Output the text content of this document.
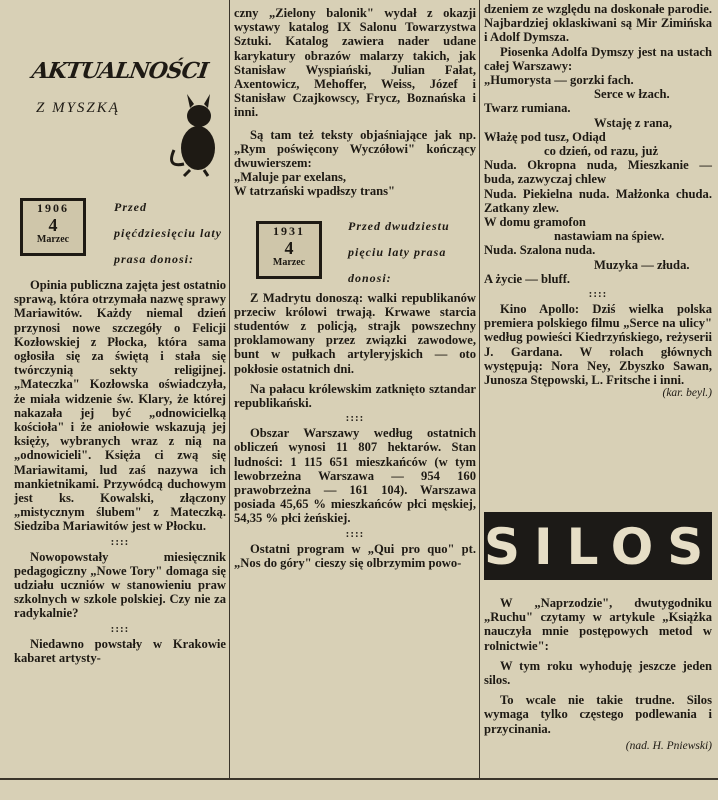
AKTUALNOŚCI
Z MYSZKĄ
1906
4
Marzec
Przed pięćdziesięciu laty prasa donosi:

Opinia publiczna zajęta jest ostatnio sprawą, która otrzymała nazwę sprawy Mariawitów. Każdy niemal dzień przynosi nowe szczegóły o Felicji Kozłowskiej z Płocka, która sama ogłosiła się za świętą i stała się twórczynią sekty religijnej. „Mateczka" Kozłowska oświadczyła, że miała widzenie św. Klary, że której nakazała jej być „odnowicielką kościoła" i że aniołowie wskazują jej księży, wybranych wraz z nią na „odnowicieli". Księża ci zwą się Mariawitami, lud zaś nazywa ich mankietnikami. Przywódcą duchowym jest ks. Kowalski, złączony „mistycznym ślubem" z Mateczką. Siedziba Mariawitów jest w Płocku.

::::

Nowopowstały miesięcznik pedagogiczny „Nowe Tory" domaga się udziału uczniów w stanowieniu praw szkolnych w szkole polskiej. Czy nie za radykalnie?

::::

Niedawno powstały w Krakowie kabaret artysty-

czny „Zielony balonik" wydał z okazji wystawy katalog IX Salonu Towarzystwa Sztuki. Katalog zawiera nader udane karykatury obrazów malarzy takich, jak Stanisław Wyspiański, Julian Fałat, Axentowicz, Mehoffer, Weiss, Józef i Stanisław Czajkowscy, Frycz, Boznańska i inni.

Są tam też teksty objaśniające jak np. „Rym poświęcony Wyczółowi" kończący dwuwierszem:

„Maluje par exelans,
W tatrzański wpadłszy trans"
1931
4
Marzec
Przed dwudziestu pięciu laty prasa donosi:

Z Madrytu donoszą: walki republikanów przeciw królowi trwają. Krwawe starcia studentów z policją, strajk powszechny proklamowany przez związki zawodowe, bunt w pułkach artyleryjskich — oto pokłosie ostatnich dni.

Na pałacu królewskim zatknięto sztandar republikański.

::::

Obszar Warszawy według ostatnich obliczeń wynosi 11 807 hektarów. Stan ludności: 1 115 651 mieszkańców (w tym lewobrzeżna Warszawa — 954 160 prawobrzeżna — 161 104). Warszawa posiada 45,65 % mieszkańców płci męskiej, 54,35 % płci żeńskiej.

::::

Ostatni program w „Qui pro quo" pt. „Nos do góry" cieszy się olbrzymim powo-

dzeniem ze względu na doskonałe parodie. Najbardziej oklaskiwani są Mir Zimińska i Adolf Dymsza.

Piosenka Adolfa Dymszy jest na ustach całej Warszawy:

„Humorysta — gorzki fach.
Serce w łzach.
Twarz rumiana.
Wstaję z rana,
Włażę pod tusz, Odiąd
co dzień, od razu, już
Nuda. Okropna nuda, Mieszkanie — buda, zazwyczaj chlew
Nuda. Piekielna nuda. Małżonka chuda. Zatkany zlew.
W domu gramofon
nastawiam na śpiew.
Nuda. Szalona nuda.
Muzyka — złuda.
A życie — bluff.
::::

Kino Apollo: Dziś wielka polska premiera polskiego filmu „Serce na ulicy" według powieści Kiedrzyńskiego, reżyserii J. Gardana. W rolach głównych występują: Nora Ney, Zbyszko Sawan, Junosza Stępowski, L. Fritsche i inni.

(kar. beyl.)
SILOS

W „Naprzodzie", dwutygodniku „Ruchu" czytamy w artykule „Książka nauczyła mnie postępowych metod w rolnictwie":

W tym roku wyhoduję jeszcze jeden silos.

To wcale nie takie trudne. Silos wymaga tylko częstego podlewania i przycinania.

(nad. H. Pniewski)
